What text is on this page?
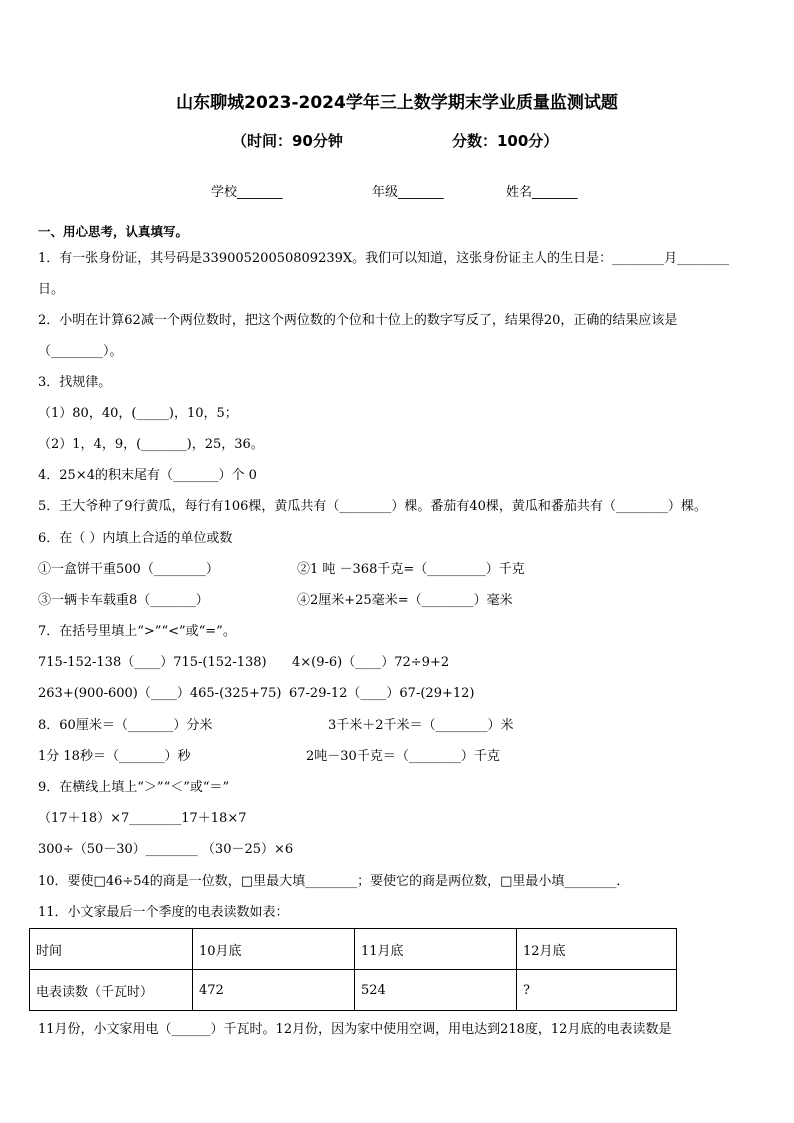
山东聊城2023-2024学年三上数学期末学业质量监测试题
（时间：90分钟	分数：100分）
学校_______	年级_______	姓名_______
一、用心思考，认真填写。
1．有一张身份证，其号码是33900520050809239X。我们可以知道，这张身份证主人的生日是：________月________
日。
2．小明在计算62减一个两位数时，把这个两位数的个位和十位上的数字写反了，结果得20，正确的结果应该是
（________）。
3．找规律。
（1）80，40，(_____)，10，5；
（2）1，4，9，(_______)，25，36。
4．25×4的积末尾有（_______）个 0
5．王大爷种了9行黄瓜，每行有106棵，黄瓜共有（________）棵。番茄有40棵，黄瓜和番茄共有（________）棵。
6．在（ ）内填上合适的单位或数
①一盒饼干重500（________）	②1 吨 －368千克=（_________）千克
③一辆卡车载重8（_______）	④2厘米+25毫米=（________）毫米
7．在括号里填上“>”“<”或“=”。
715-152-138（____）715-(152-138) 4×(9-6)（____）72÷9+2
263+(900-600)（____）465-(325+75) 67-29-12（____）67-(29+12)
8．60厘米＝（_______）分米	3千米＋2千米＝（________）米
1分 18秒＝（_______）秒	2吨－30千克＝（________）千克
9．在横线上填上“＞”“＜”或“＝”
（17＋18）×7________17＋18×7
300÷（50－30）________ （30－25）×6
10．要使□46÷54的商是一位数，□里最大填________；要使它的商是两位数，□里最小填________．
11．小文家最后一个季度的电表读数如表：
时间	10月底	11月底	12月底
电表读数（千瓦时）	472	524	?
11月份，小文家用电（______）千瓦时。12月份，因为家中使用空调，用电达到218度，12月底的电表读数是
